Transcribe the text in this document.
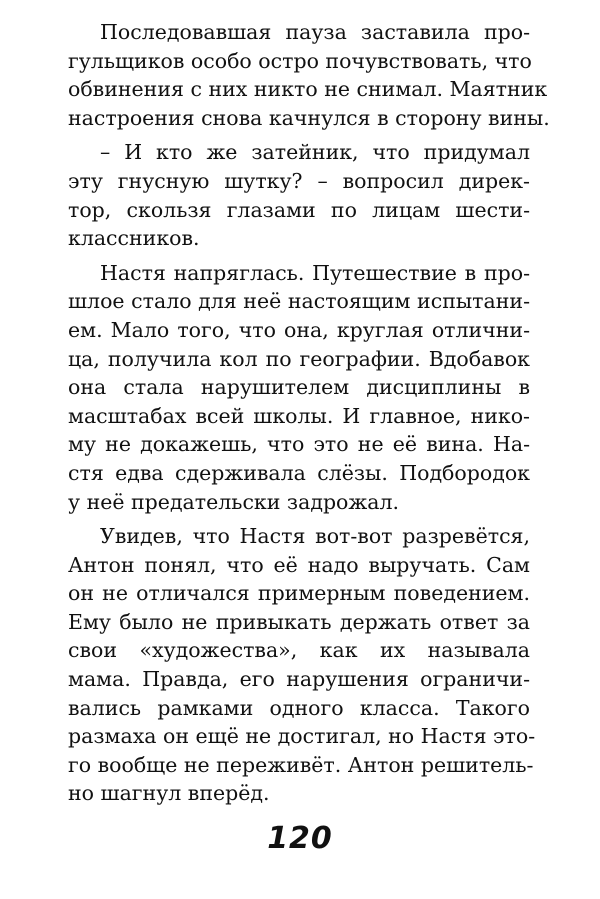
Последовавшая пауза заставила про-
гульщиков особо остро почувствовать, что
обвинения с них никто не снимал. Маятник
настроения снова качнулся в сторону вины.

– И кто же затейник, что придумал
эту гнусную шутку? – вопросил дирек-
тор, скользя глазами по лицам шести-
классников.

Настя напряглась. Путешествие в про-
шлое стало для неё настоящим испытани-
ем. Мало того, что она, круглая отлични-
ца, получила кол по географии. Вдобавок
она стала нарушителем дисциплины в
масштабах всей школы. И главное, нико-
му не докажешь, что это не её вина. На-
стя едва сдерживала слёзы. Подбородок
у неё предательски задрожал.

Увидев, что Настя вот-вот разревётся,
Антон понял, что её надо выручать. Сам
он не отличался примерным поведением.
Ему было не привыкать держать ответ за
свои «художества», как их называла
мама. Правда, его нарушения ограничи-
вались рамками одного класса. Такого
размаха он ещё не достигал, но Настя это-
го вообще не переживёт. Антон решитель-
но шагнул вперёд.

120
